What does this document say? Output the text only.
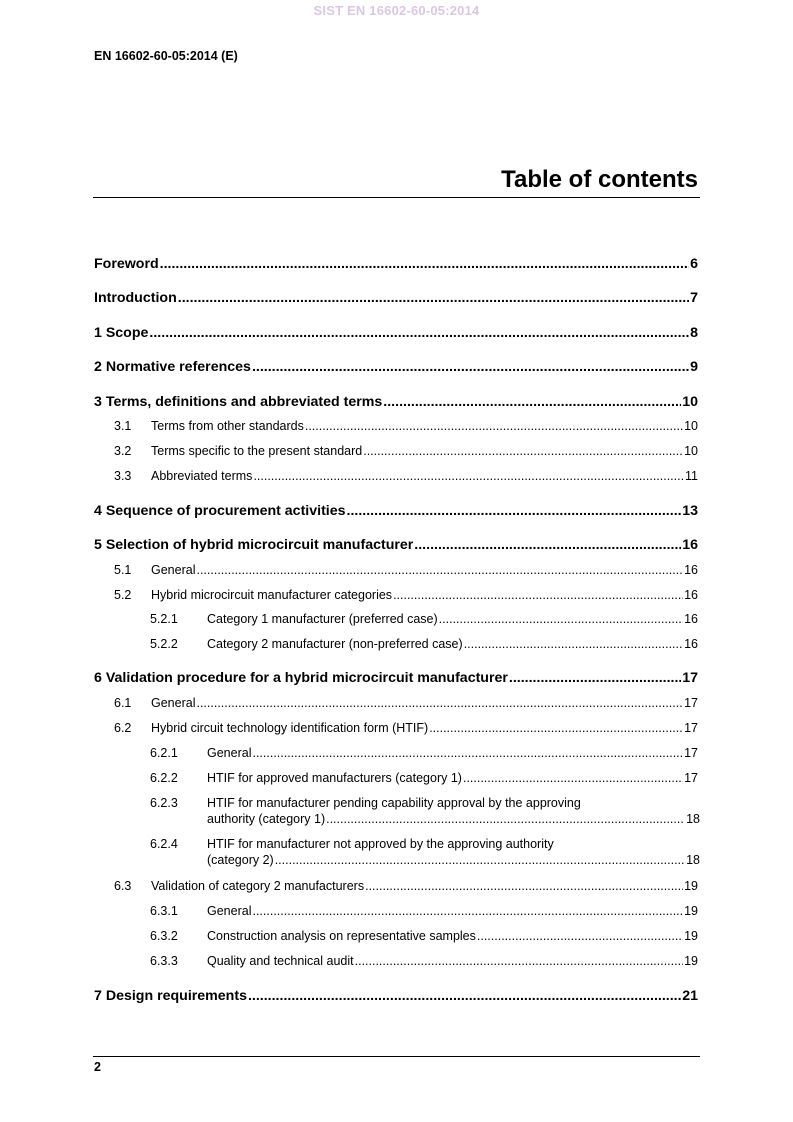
SIST EN 16602-60-05:2014
EN 16602-60-05:2014 (E)
Table of contents
Foreword .....	6
Introduction .....	7
1 Scope .....	8
2 Normative references .....	9
3 Terms, definitions and abbreviated terms .....	10
3.1	Terms from other standards .....	10
3.2	Terms specific to the present standard .....	10
3.3	Abbreviated terms .....	11
4 Sequence of procurement activities .....	13
5 Selection of hybrid microcircuit manufacturer .....	16
5.1	General .....	16
5.2	Hybrid microcircuit manufacturer categories .....	16
5.2.1	Category 1 manufacturer (preferred case) .....	16
5.2.2	Category 2 manufacturer (non-preferred case) .....	16
6 Validation procedure for a hybrid microcircuit manufacturer .....	17
6.1	General .....	17
6.2	Hybrid circuit technology identification form (HTIF) .....	17
6.2.1	General .....	17
6.2.2	HTIF for approved manufacturers (category 1) .....	17
6.2.3 HTIF for manufacturer pending capability approval by the approving
authority (category 1) .....	18
6.2.4 HTIF for manufacturer not approved by the approving authority
(category 2) .....	18
6.3	Validation of category 2 manufacturers .....	19
6.3.1	General .....	19
6.3.2	Construction analysis on representative samples .....	19
6.3.3	Quality and technical audit .....	19
7 Design requirements .....	21
2
